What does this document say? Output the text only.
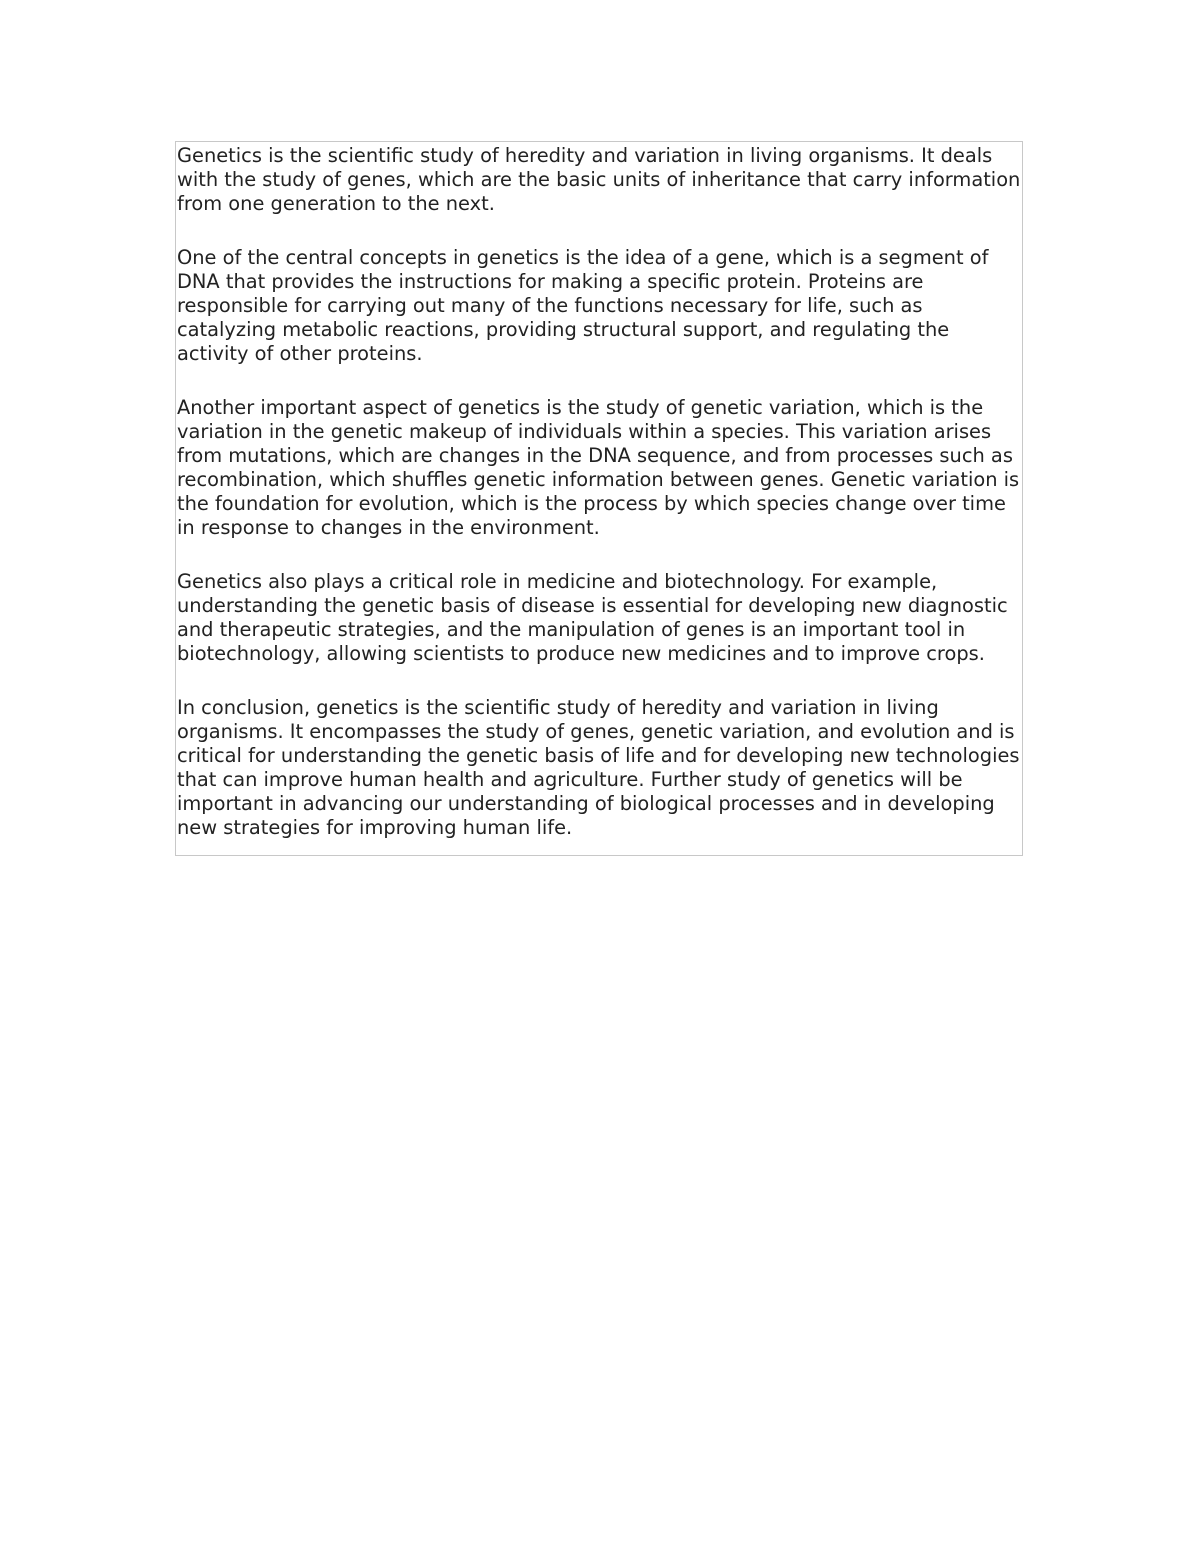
Genetics is the scientific study of heredity and variation in living organisms. It deals with the study of genes, which are the basic units of inheritance that carry information from one generation to the next.

One of the central concepts in genetics is the idea of a gene, which is a segment of DNA that provides the instructions for making a specific protein. Proteins are responsible for carrying out many of the functions necessary for life, such as catalyzing metabolic reactions, providing structural support, and regulating the activity of other proteins.

Another important aspect of genetics is the study of genetic variation, which is the variation in the genetic makeup of individuals within a species. This variation arises from mutations, which are changes in the DNA sequence, and from processes such as recombination, which shuffles genetic information between genes. Genetic variation is the foundation for evolution, which is the process by which species change over time in response to changes in the environment.

Genetics also plays a critical role in medicine and biotechnology. For example, understanding the genetic basis of disease is essential for developing new diagnostic and therapeutic strategies, and the manipulation of genes is an important tool in biotechnology, allowing scientists to produce new medicines and to improve crops.

In conclusion, genetics is the scientific study of heredity and variation in living organisms. It encompasses the study of genes, genetic variation, and evolution and is critical for understanding the genetic basis of life and for developing new technologies that can improve human health and agriculture. Further study of genetics will be important in advancing our understanding of biological processes and in developing new strategies for improving human life.
